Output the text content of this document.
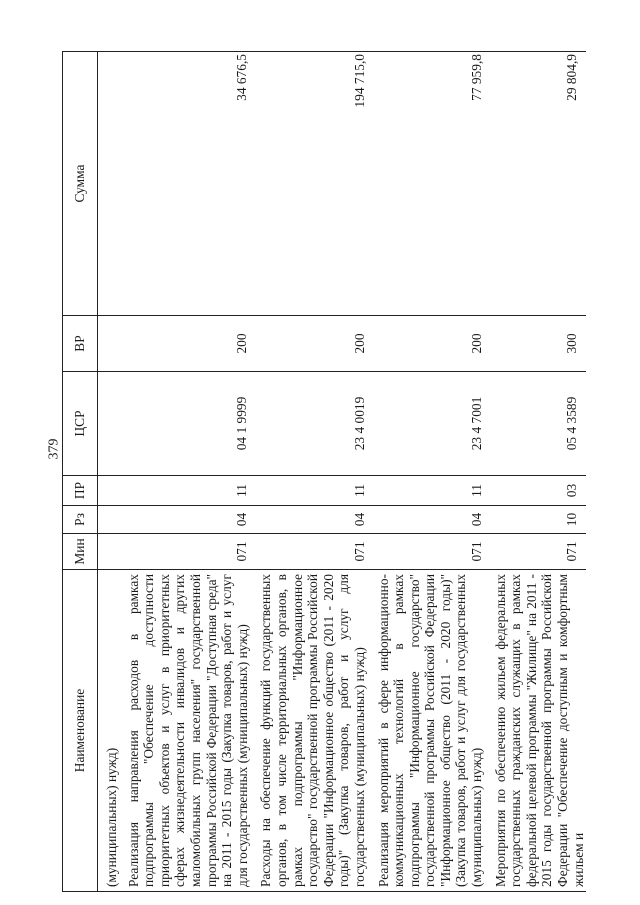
379
Наименование	Мин	Рз	ПР	ЦСР	ВР	Сумма
(муниципальных) нужд)						
Реализация направления расходов в рамках подпрограммы "Обеспечение доступности приоритетных объектов и услуг в приоритетных сферах жизнедеятельности инвалидов и других маломобильных групп населения" государственной программы Российской Федерации "Доступная среда" на 2011 - 2015 годы (Закупка товаров, работ и услуг для государственных (муниципальных) нужд)	071	04	11	04 1 9999	200	34 676,5
Расходы на обеспечение функций государственных органов, в том числе территориальных органов, в рамках подпрограммы "Информационное государство" государственной программы Российской Федерации "Информационное общество (2011 - 2020 годы)" (Закупка товаров, работ и услуг для государственных (муниципальных) нужд)	071	04	11	23 4 0019	200	194 715,0
Реализация мероприятий в сфере информационно-коммуникационных технологий в рамках подпрограммы "Информационное государство" государственной программы Российской Федерации "Информационное общество (2011 - 2020 годы)" (Закупка товаров, работ и услуг для государственных (муниципальных) нужд)	071	04	11	23 4 7001	200	77 959,8
Мероприятия по обеспечению жильем федеральных государственных гражданских служащих в рамках федеральной целевой программы "Жилище" на 2011 - 2015 годы государственной программы Российской Федерации "Обеспечение доступным и комфортным жильем и	071	10	03	05 4 3589	300	29 804,9
